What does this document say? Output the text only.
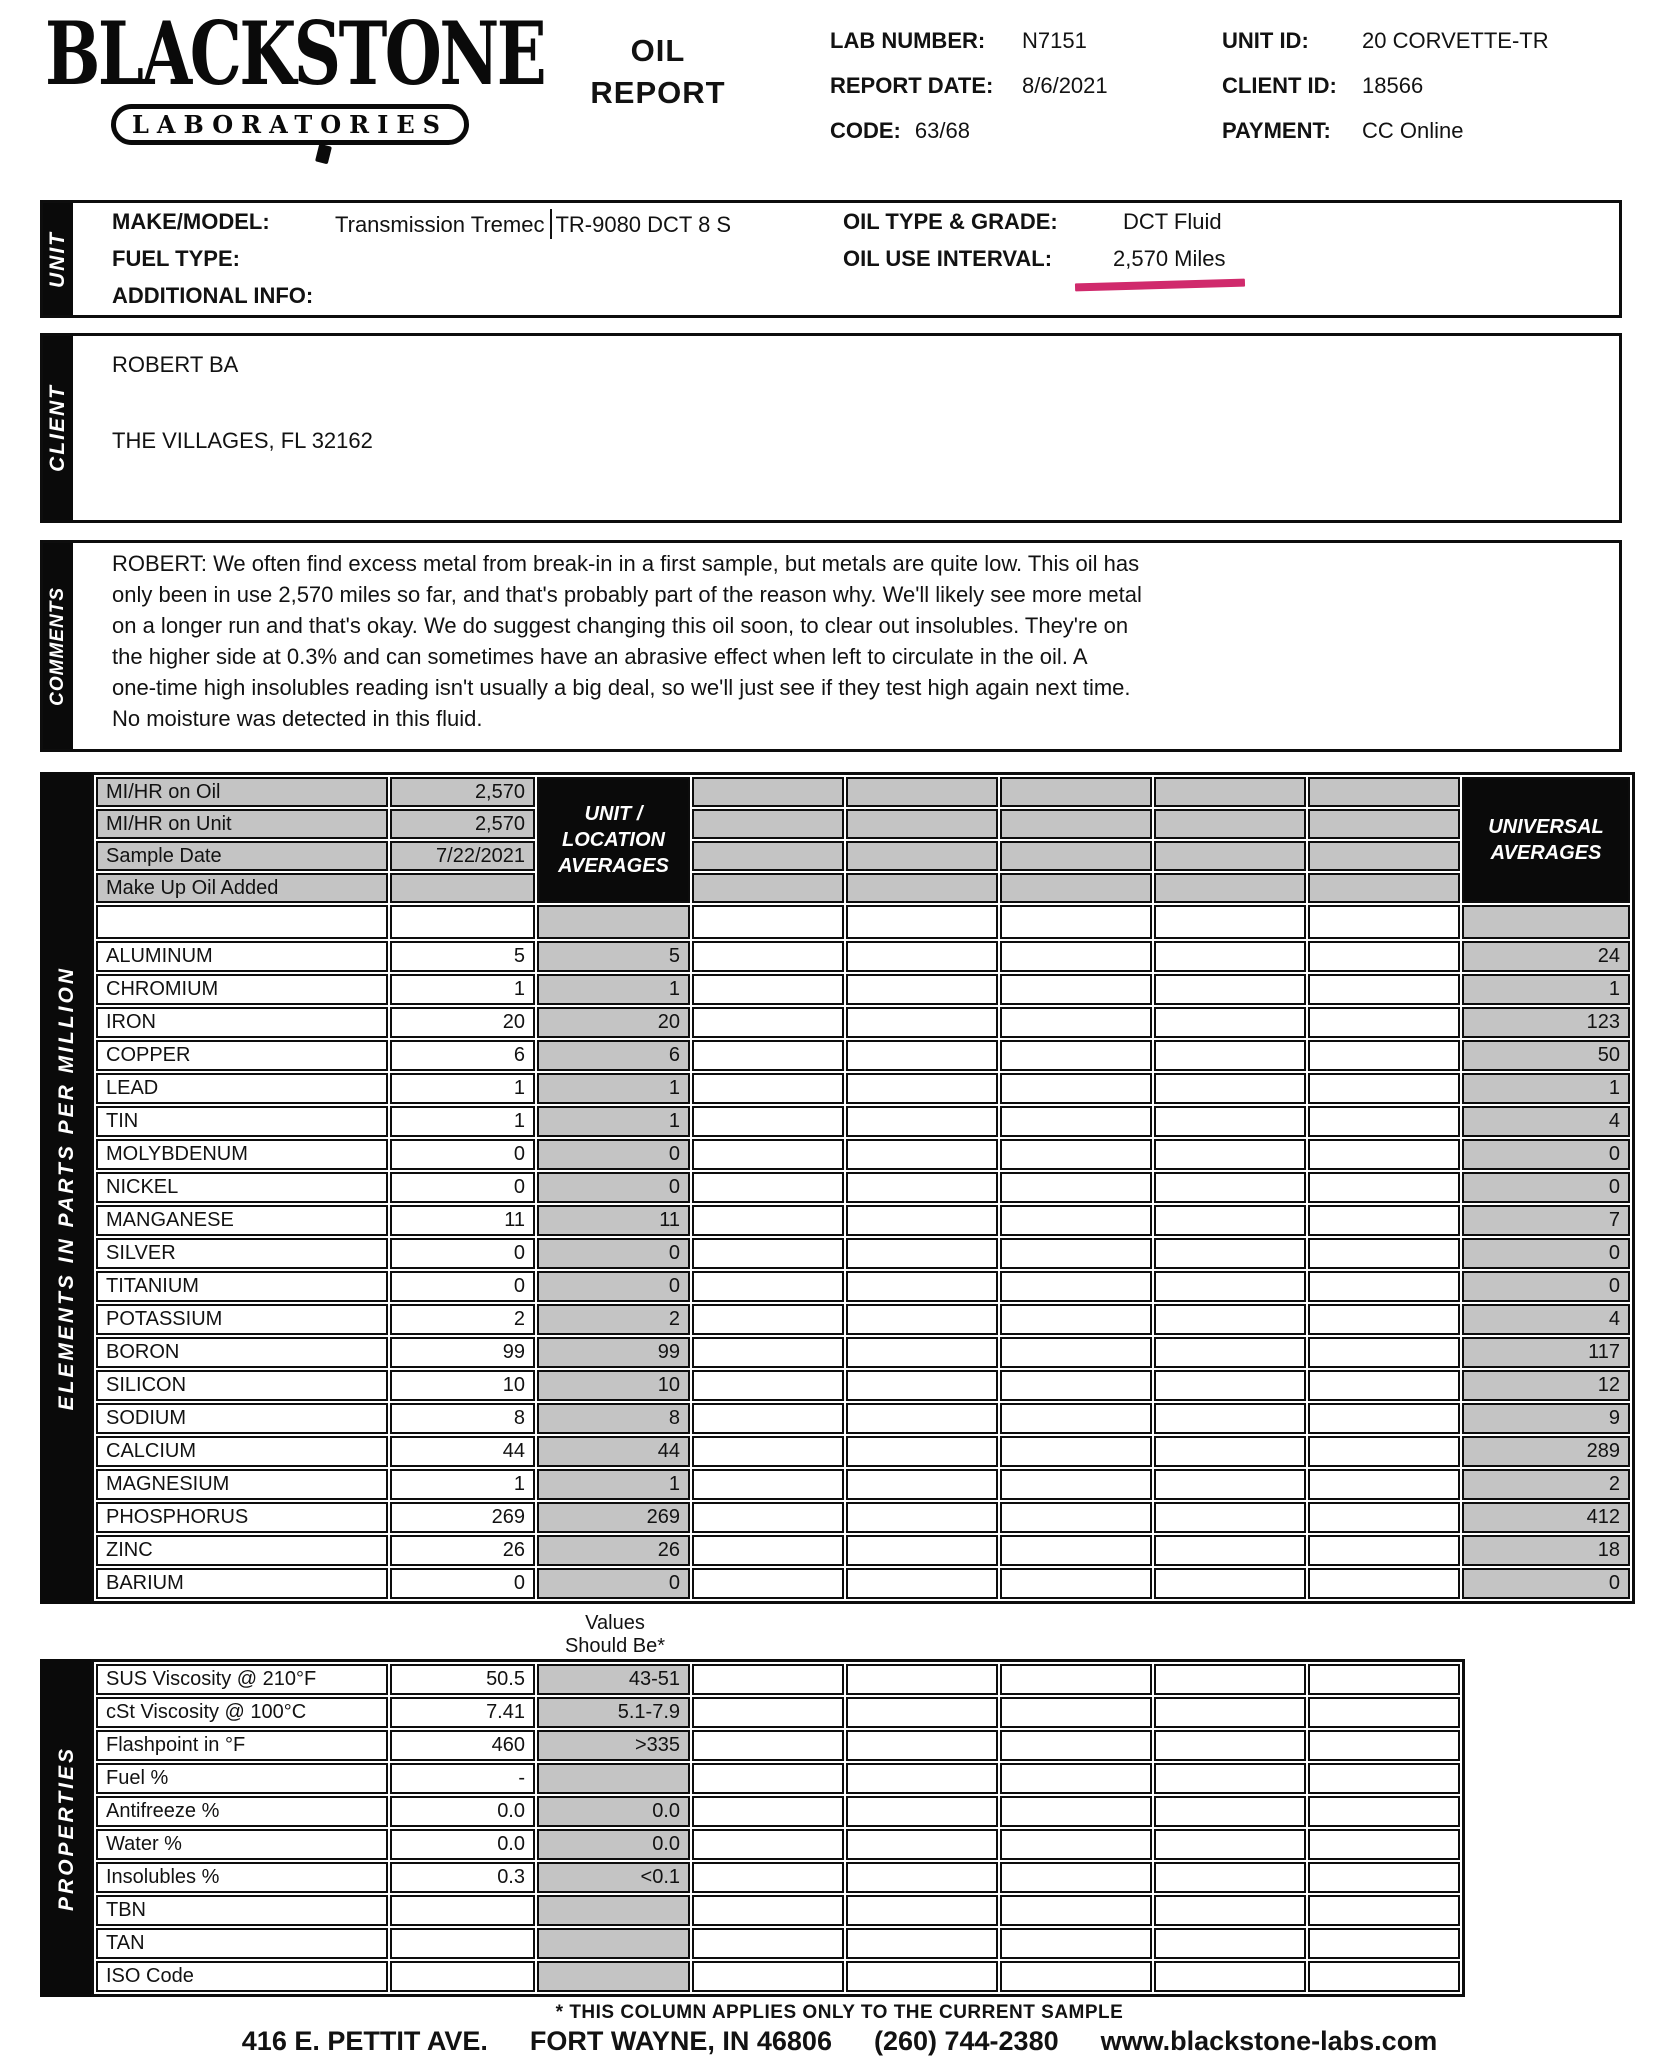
BLACKSTONE
LABORATORIES
OIL
REPORT
LAB NUMBER:	N7151
REPORT DATE:	8/6/2021
CODE: 63/68
UNIT ID:	20 CORVETTE-TR
CLIENT ID:	18566
PAYMENT:	CC Online
UNIT
MAKE/MODEL:	Transmission Tremec TR-9080 DCT 8 S	OIL TYPE & GRADE:	DCT Fluid
FUEL TYPE:	OIL USE INTERVAL:	2,570 Miles
ADDITIONAL INFO:
CLIENT
ROBERT BA
THE VILLAGES, FL 32162
COMMENTS
ROBERT: We often find excess metal from break-in in a first sample, but metals are quite low. This oil has
only been in use 2,570 miles so far, and that's probably part of the reason why. We'll likely see more metal
on a longer run and that's okay. We do suggest changing this oil soon, to clear out insolubles. They're on
the higher side at 0.3% and can sometimes have an abrasive effect when left to circulate in the oil. A
one-time high insolubles reading isn't usually a big deal, so we'll just see if they test high again next time.
No moisture was detected in this fluid.
ELEMENTS IN PARTS PER MILLION
MI/HR on Oil	2,570	
UNIT /
LOCATION
AVERAGES

UNIVERSAL
AVERAGES

MI/HR on Unit	2,570							
Sample Date	7/22/2021							
Make Up Oil Added								

ALUMINUM	5	5						24
CHROMIUM	1	1						1
IRON	20	20						123
COPPER	6	6						50
LEAD	1	1						1
TIN	1	1						4
MOLYBDENUM	0	0						0
NICKEL	0	0						0
MANGANESE	11	11						7
SILVER	0	0						0
TITANIUM	0	0						0
POTASSIUM	2	2						4
BORON	99	99						117
SILICON	10	10						12
SODIUM	8	8						9
CALCIUM	44	44						289
MAGNESIUM	1	1						2
PHOSPHORUS	269	269						412
ZINC	26	26						18
BARIUM	0	0						0
Values
Should Be*
PROPERTIES
SUS Viscosity @ 210°F	50.5	43-51					
cSt Viscosity @ 100°C	7.41	5.1-7.9					
Flashpoint in °F	460	>335					
Fuel %	-						
Antifreeze %	0.0	0.0					
Water %	0.0	0.0					
Insolubles %	0.3	<0.1					
TBN							
TAN							
ISO Code							
* THIS COLUMN APPLIES ONLY TO THE CURRENT SAMPLE
416 E. PETTIT AVE. FORT WAYNE, IN 46806 (260) 744-2380 www.blackstone-labs.com
